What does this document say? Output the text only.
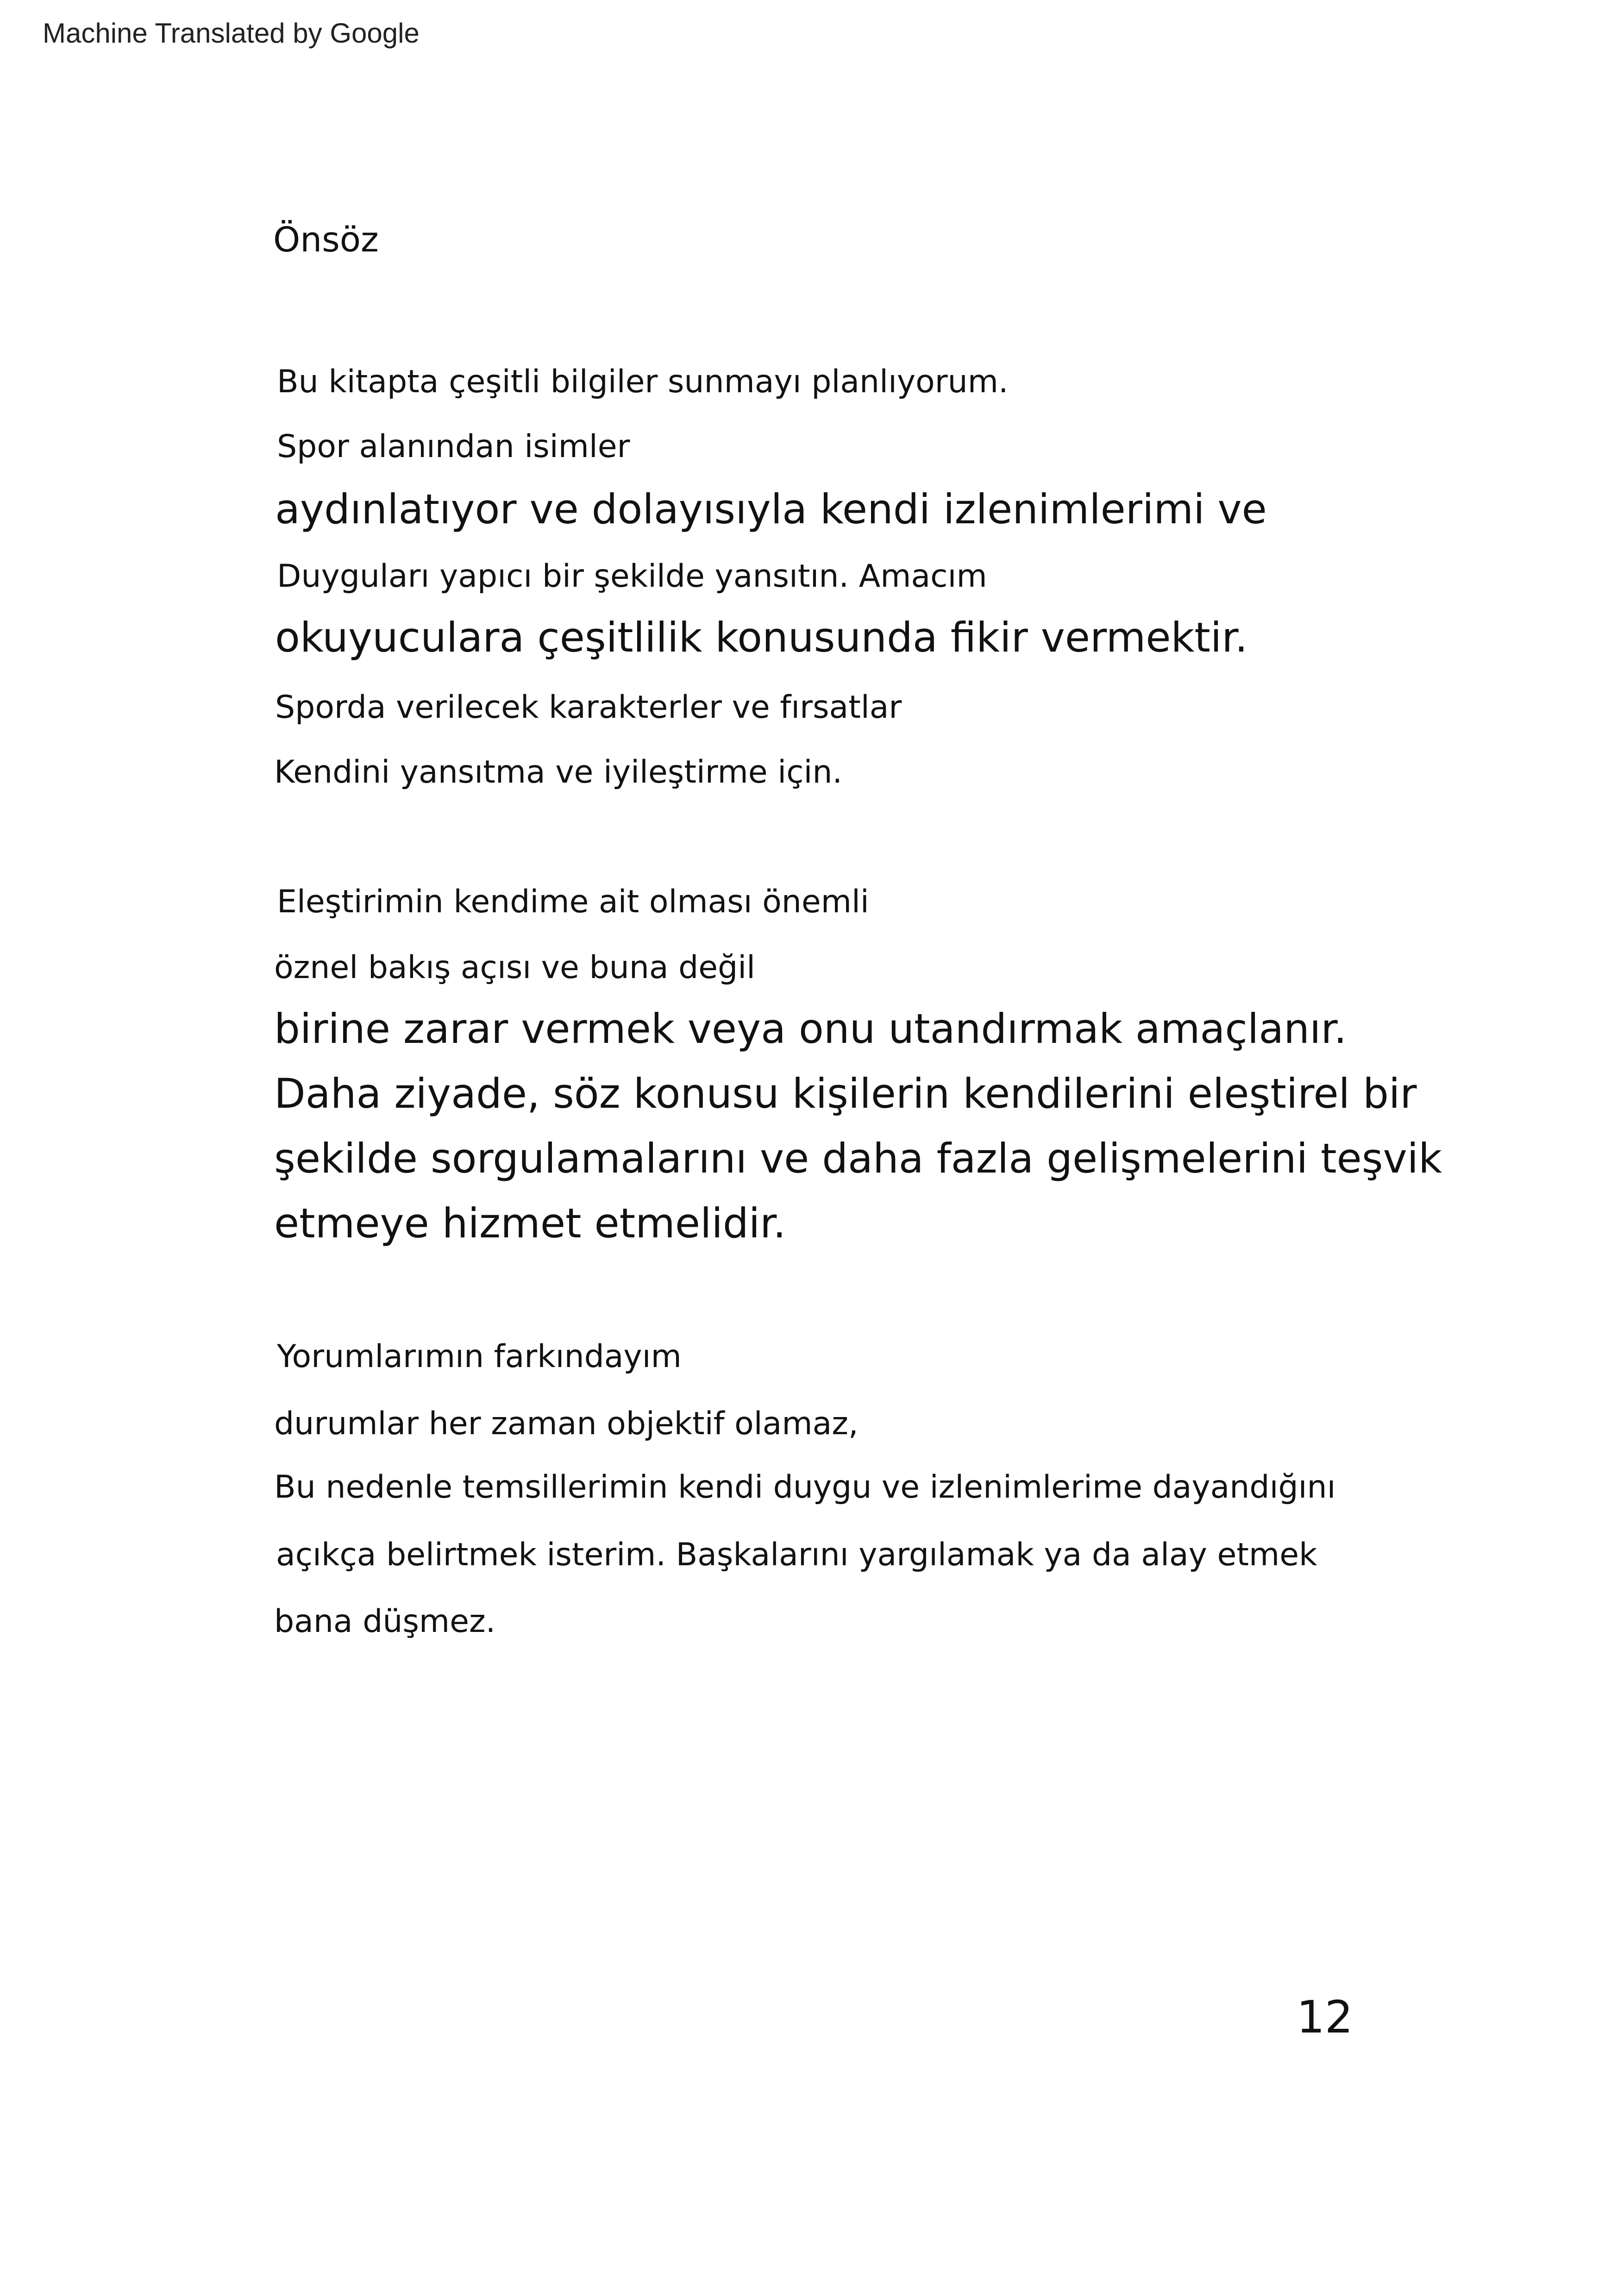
Machine Translated by Google
Önsöz
Bu kitapta çeşitli bilgiler sunmayı planlıyorum.
Spor alanından isimler
aydınlatıyor ve dolayısıyla kendi izlenimlerimi ve
Duyguları yapıcı bir şekilde yansıtın. Amacım
okuyuculara çeşitlilik konusunda fikir vermektir.
Sporda verilecek karakterler ve fırsatlar
Kendini yansıtma ve iyileştirme için.
Eleştirimin kendime ait olması önemli
öznel bakış açısı ve buna değil
birine zarar vermek veya onu utandırmak amaçlanır.
Daha ziyade, söz konusu kişilerin kendilerini eleştirel bir
şekilde sorgulamalarını ve daha fazla gelişmelerini teşvik
etmeye hizmet etmelidir.
Yorumlarımın farkındayım
durumlar her zaman objektif olamaz,
Bu nedenle temsillerimin kendi duygu ve izlenimlerime dayandığını
açıkça belirtmek isterim. Başkalarını yargılamak ya da alay etmek
bana düşmez.
12
